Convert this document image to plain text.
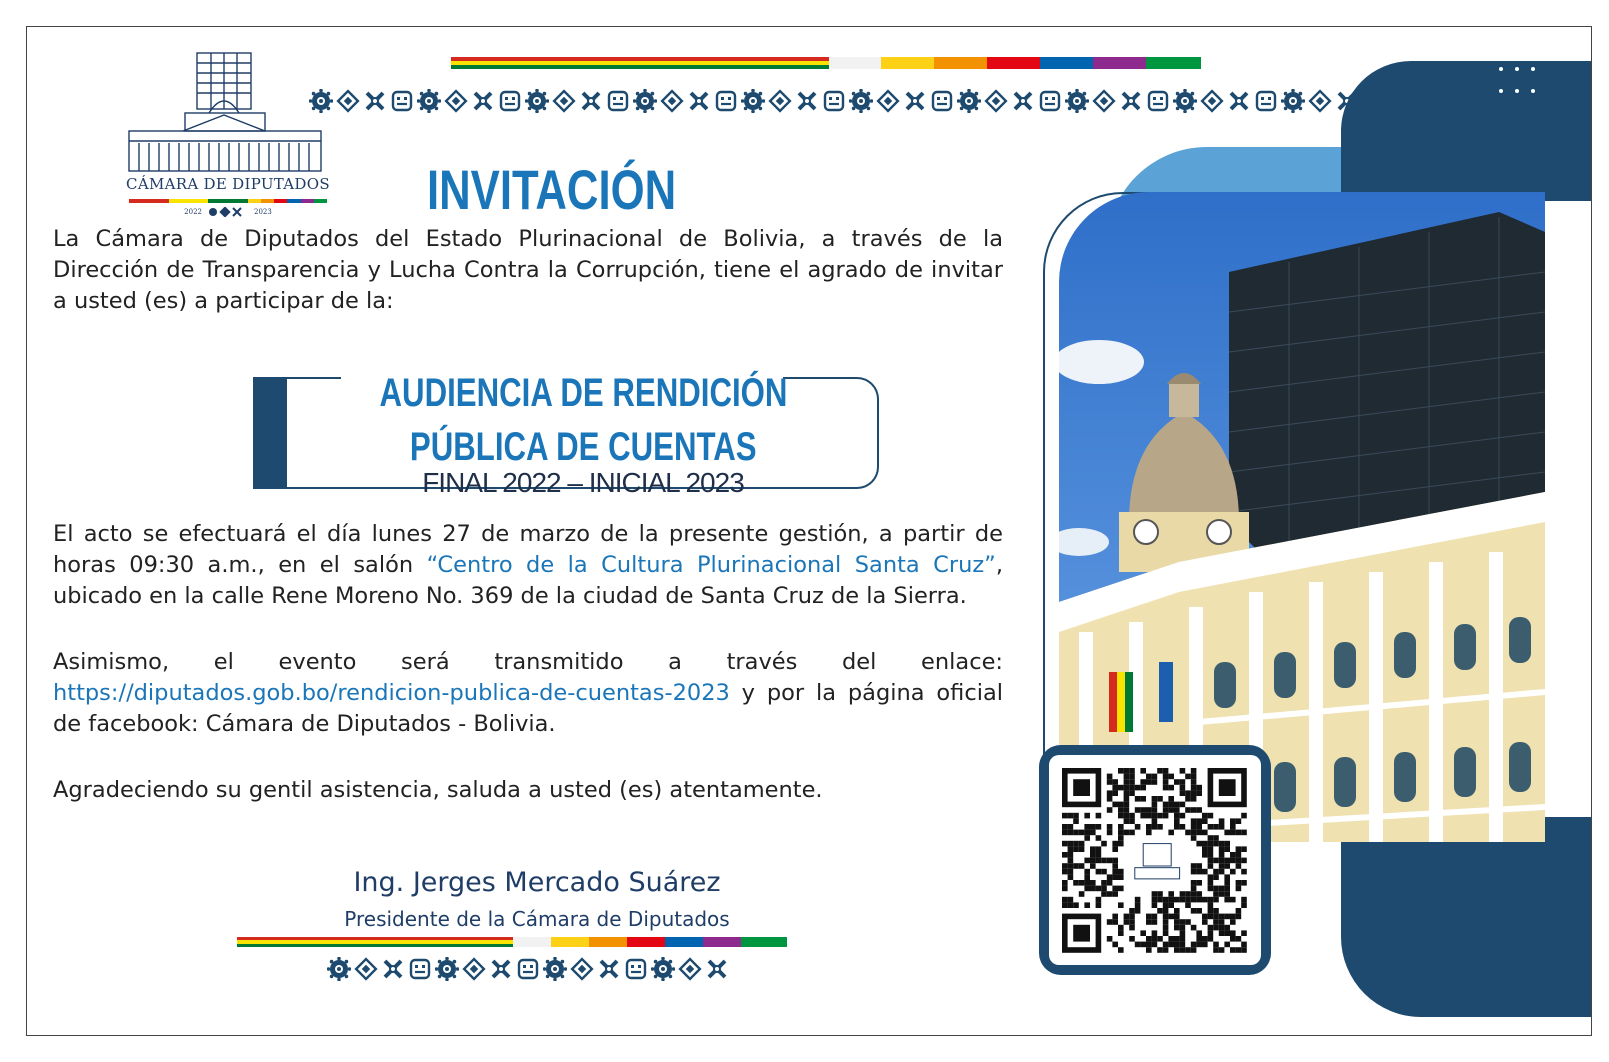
CÁMARA DE DIPUTADOS
2022	2023	INVITACIÓN
La Cámara de Diputados del Estado Plurinacional de Bolivia, a través de la Dirección de Transparencia y Lucha Contra la Corrupción, tiene el agrado de invitar a usted (es) a participar de la:
AUDIENCIA DE RENDICIÓN
PÚBLICA DE CUENTAS
FINAL 2022 – INICIAL 2023
El acto se efectuará el día lunes 27 de marzo de la presente gestión, a partir de horas 09:30 a.m., en el salón “Centro de la Cultura Plurinacional Santa Cruz”, ubicado en la calle Rene Moreno No. 369 de la ciudad de Santa Cruz de la Sierra.
Asimismo, el evento será transmitido a través del enlace:
https://diputados.gob.bo/rendicion-publica-de-cuentas-2023 y por la página oficial de facebook: Cámara de Diputados - Bolivia.
Agradeciendo su gentil asistencia, saluda a usted (es) atentamente.
Ing. Jerges Mercado Suárez
Presidente de la Cámara de Diputados
